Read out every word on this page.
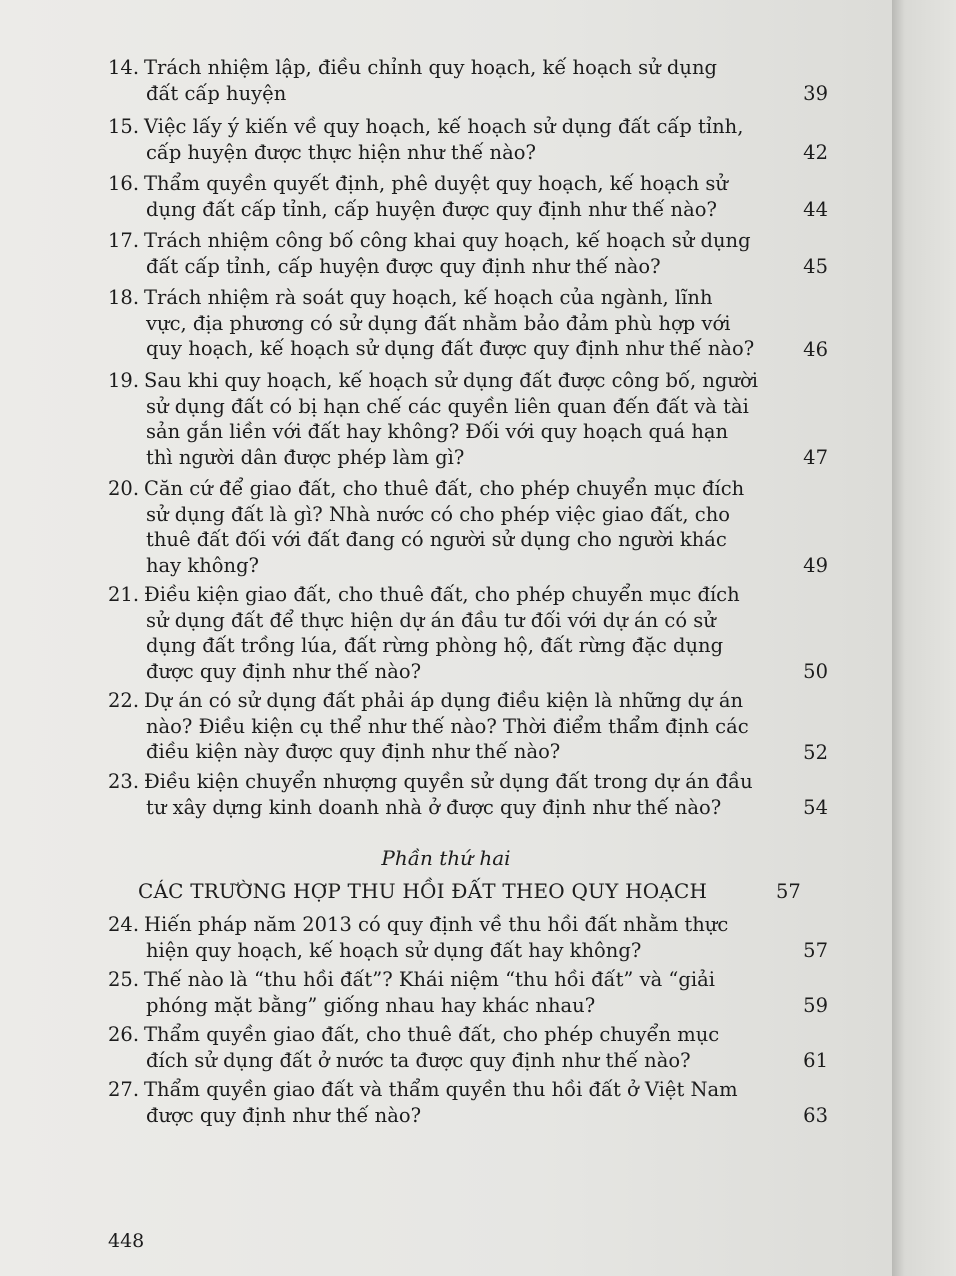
14. Trách nhiệm lập, điều chỉnh quy hoạch, kế hoạch sử dụng
đất cấp huyện	39
15. Việc lấy ý kiến về quy hoạch, kế hoạch sử dụng đất cấp tỉnh,
cấp huyện được thực hiện như thế nào?	42
16. Thẩm quyền quyết định, phê duyệt quy hoạch, kế hoạch sử
dụng đất cấp tỉnh, cấp huyện được quy định như thế nào?	44
17. Trách nhiệm công bố công khai quy hoạch, kế hoạch sử dụng
đất cấp tỉnh, cấp huyện được quy định như thế nào?	45
18. Trách nhiệm rà soát quy hoạch, kế hoạch của ngành, lĩnh
vực, địa phương có sử dụng đất nhằm bảo đảm phù hợp với
quy hoạch, kế hoạch sử dụng đất được quy định như thế nào?	46
19. Sau khi quy hoạch, kế hoạch sử dụng đất được công bố, người
sử dụng đất có bị hạn chế các quyền liên quan đến đất và tài
sản gắn liền với đất hay không? Đối với quy hoạch quá hạn
thì người dân được phép làm gì?	47
20. Căn cứ để giao đất, cho thuê đất, cho phép chuyển mục đích
sử dụng đất là gì? Nhà nước có cho phép việc giao đất, cho
thuê đất đối với đất đang có người sử dụng cho người khác
hay không?	49
21. Điều kiện giao đất, cho thuê đất, cho phép chuyển mục đích
sử dụng đất để thực hiện dự án đầu tư đối với dự án có sử
dụng đất trồng lúa, đất rừng phòng hộ, đất rừng đặc dụng
được quy định như thế nào?	50
22. Dự án có sử dụng đất phải áp dụng điều kiện là những dự án
nào? Điều kiện cụ thể như thế nào? Thời điểm thẩm định các
điều kiện này được quy định như thế nào?	52
23. Điều kiện chuyển nhượng quyền sử dụng đất trong dự án đầu
tư xây dựng kinh doanh nhà ở được quy định như thế nào?	54
Phần thứ hai
CÁC TRƯỜNG HỢP THU HỒI ĐẤT THEO QUY HOẠCH	57
24. Hiến pháp năm 2013 có quy định về thu hồi đất nhằm thực
hiện quy hoạch, kế hoạch sử dụng đất hay không?	57
25. Thế nào là “thu hồi đất”? Khái niệm “thu hồi đất” và “giải
phóng mặt bằng” giống nhau hay khác nhau?	59
26. Thẩm quyền giao đất, cho thuê đất, cho phép chuyển mục
đích sử dụng đất ở nước ta được quy định như thế nào?	61
27. Thẩm quyền giao đất và thẩm quyền thu hồi đất ở Việt Nam
được quy định như thế nào?	63
448
